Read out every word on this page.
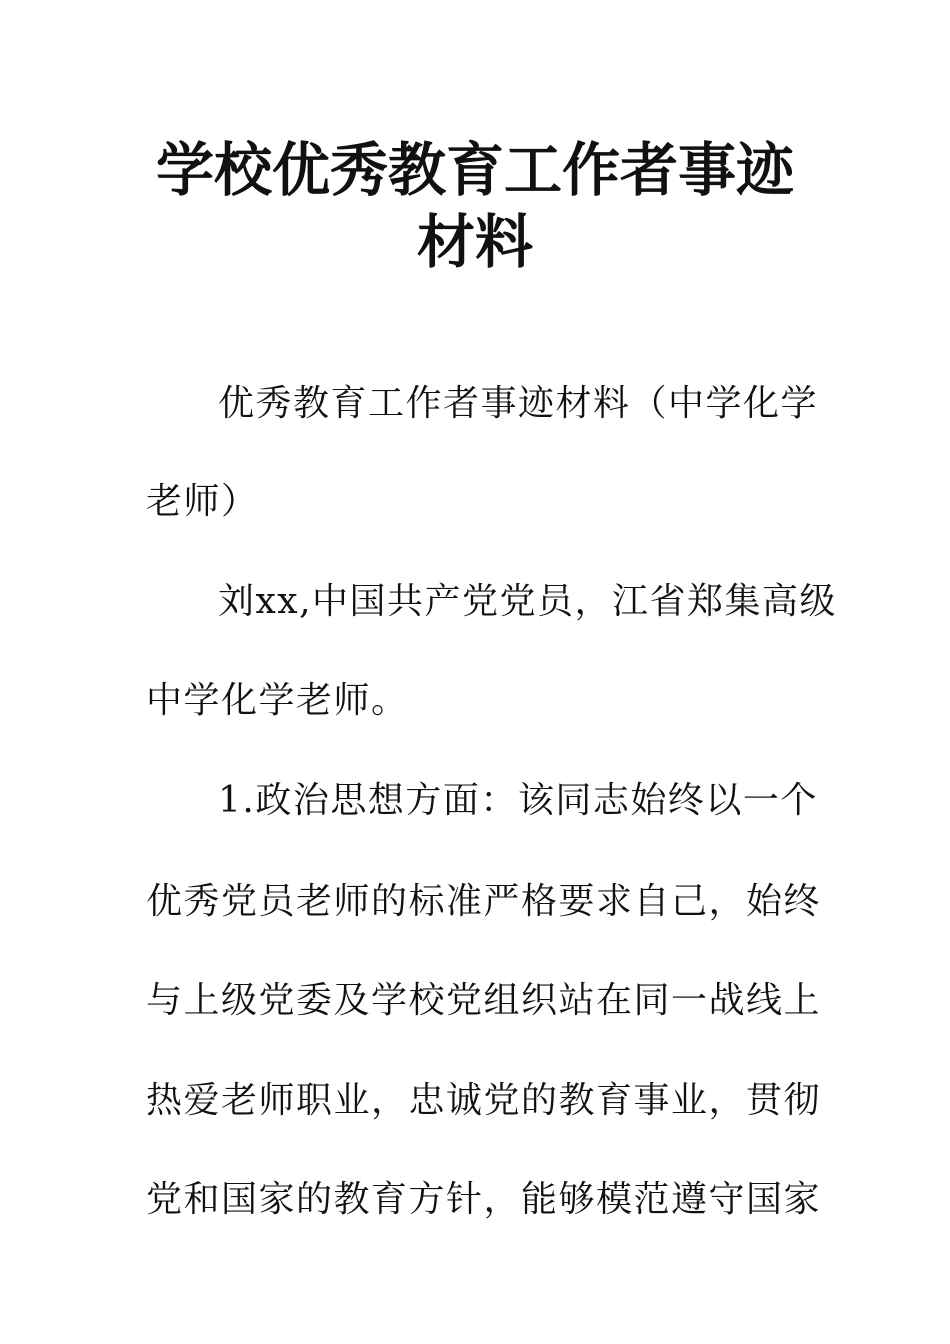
学校优秀教育工作者事迹
材料

优秀教育工作者事迹材料（中学化学

老师）

刘xx,中国共产党党员，江省郑集高级

中学化学老师。

1.政治思想方面：该同志始终以一个

优秀党员老师的标准严格要求自己，始终

与上级党委及学校党组织站在同一战线上

热爱老师职业，忠诚党的教育事业，贯彻

党和国家的教育方针，能够模范遵守国家
